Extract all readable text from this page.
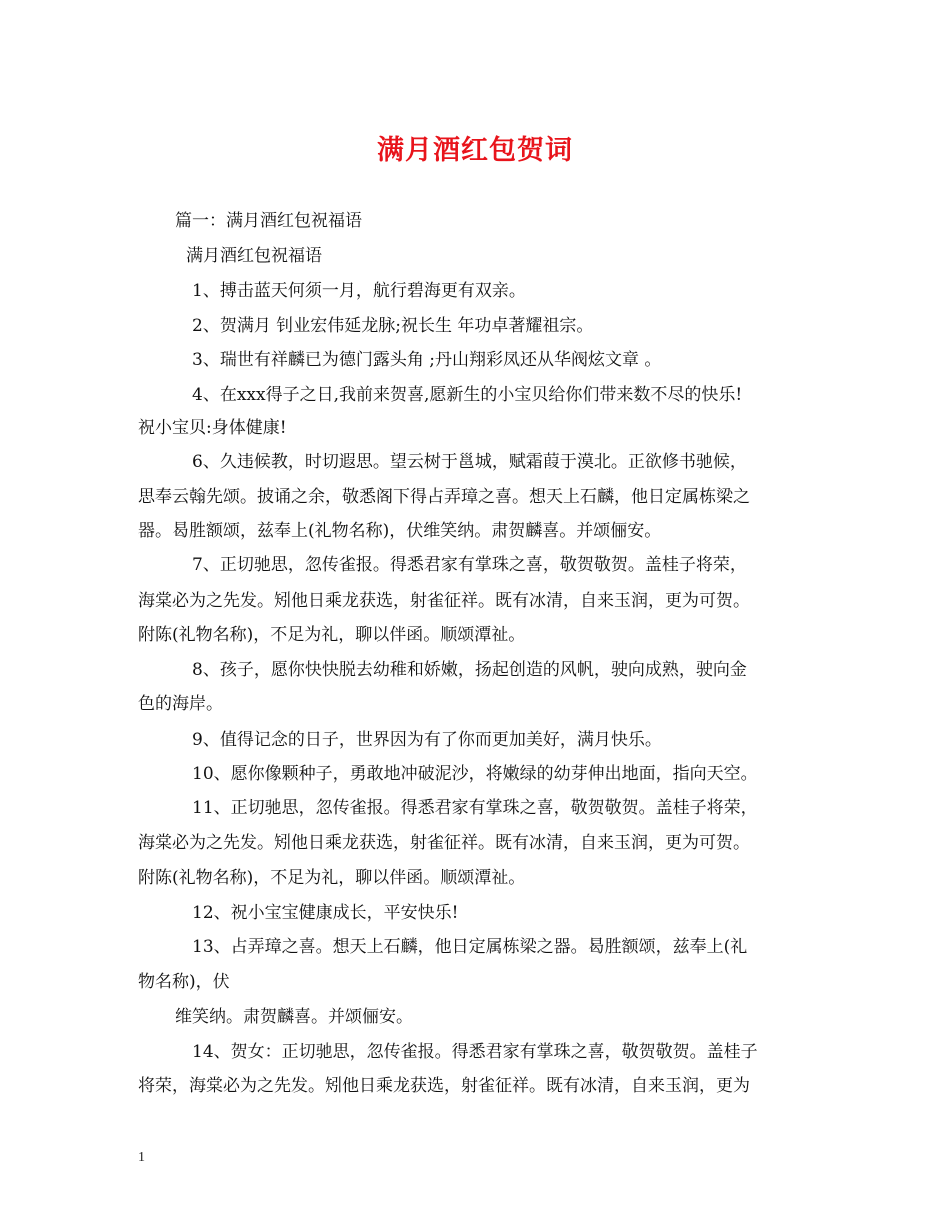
满月酒红包贺词
篇一：满月酒红包祝福语
满月酒红包祝福语
1、搏击蓝天何须一月，航行碧海更有双亲。
2、贺满月 钊业宏伟延龙脉;祝长生 年功卓著耀祖宗。
3、瑞世有祥麟已为德门露头角 ;丹山翔彩凤还从华阀炫文章 。
4、在xxx得子之日,我前来贺喜,愿新生的小宝贝给你们带来数不尽的快乐!
祝小宝贝:身体健康!
6、久违候教，时切遐思。望云树于邕城，赋霜葭于漠北。正欲修书驰候，
思奉云翰先颂。披诵之余，敬悉阁下得占弄璋之喜。想天上石麟，他日定属栋梁之
器。曷胜额颂，兹奉上(礼物名称)，伏维笑纳。肃贺麟喜。并颂俪安。
7、正切驰思，忽传雀报。得悉君家有掌珠之喜，敬贺敬贺。盖桂子将荣，
海棠必为之先发。矧他日乘龙获选，射雀征祥。既有冰清，自来玉润，更为可贺。
附陈(礼物名称)，不足为礼，聊以伴函。顺颂潭祉。
8、孩子，愿你快快脱去幼稚和娇嫩，扬起创造的风帆，驶向成熟，驶向金
色的海岸。
9、值得记念的日子，世界因为有了你而更加美好，满月快乐。
10、愿你像颗种子，勇敢地冲破泥沙，将嫩绿的幼芽伸出地面，指向天空。
11、正切驰思，忽传雀报。得悉君家有掌珠之喜，敬贺敬贺。盖桂子将荣，
海棠必为之先发。矧他日乘龙获选，射雀征祥。既有冰清，自来玉润，更为可贺。
附陈(礼物名称)，不足为礼，聊以伴函。顺颂潭祉。
12、祝小宝宝健康成长，平安快乐!
13、占弄璋之喜。想天上石麟，他日定属栋梁之器。曷胜额颂，兹奉上(礼
物名称)，伏
维笑纳。肃贺麟喜。并颂俪安。
14、贺女：正切驰思，忽传雀报。得悉君家有掌珠之喜，敬贺敬贺。盖桂子
将荣，海棠必为之先发。矧他日乘龙获选，射雀征祥。既有冰清，自来玉润，更为
1
